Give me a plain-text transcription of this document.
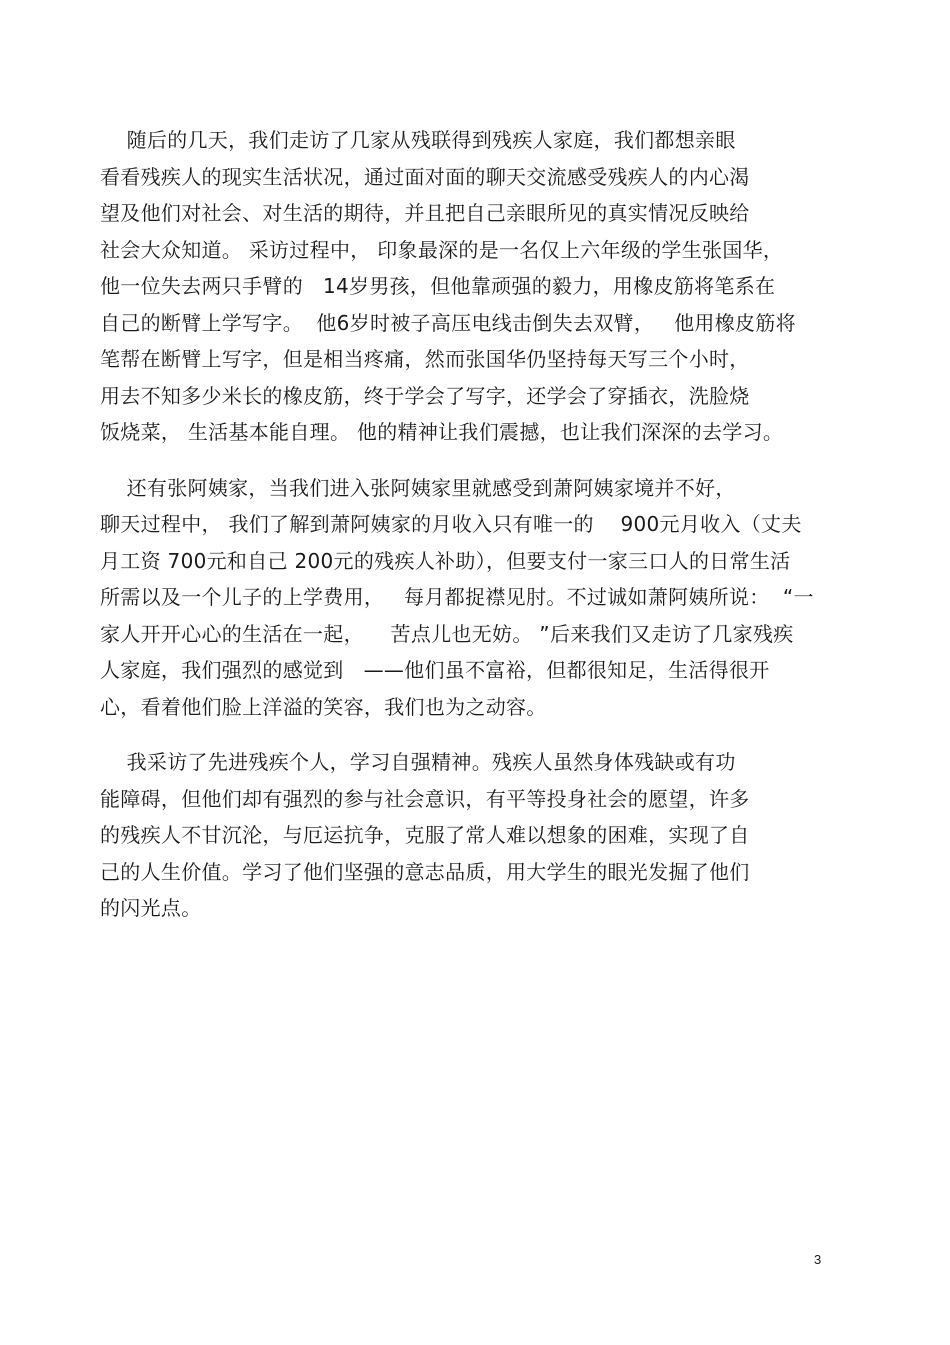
随后的几天，我们走访了几家从残联得到残疾人家庭，我们都想亲眼
看看残疾人的现实生活状况，通过面对面的聊天交流感受残疾人的内心渴
望及他们对社会、对生活的期待，并且把自己亲眼所见的真实情况反映给
社会大众知道。 采访过程中， 印象最深的是一名仅上六年级的学生张国华，
他一位失去两只手臂的   14岁男孩，但他靠顽强的毅力，用橡皮筋将笔系在
自己的断臂上学写字。  他6岁时被子高压电线击倒失去双臂，   他用橡皮筋将
笔帮在断臂上写字，但是相当疼痛，然而张国华仍坚持每天写三个小时，
用去不知多少米长的橡皮筋，终于学会了写字，还学会了穿插衣，洗脸烧
饭烧菜， 生活基本能自理。 他的精神让我们震撼，也让我们深深的去学习。
还有张阿姨家，当我们进入张阿姨家里就感受到萧阿姨家境并不好，
聊天过程中， 我们了解到萧阿姨家的月收入只有唯一的    900元月收入（丈夫
月工资 700元和自己 200元的残疾人补助），但要支付一家三口人的日常生活
所需以及一个儿子的上学费用，   每月都捉襟见肘。不过诚如萧阿姨所说：  “一
家人开开心心的生活在一起，    苦点儿也无妨。 ”后来我们又走访了几家残疾
人家庭，我们强烈的感觉到   ——他们虽不富裕，但都很知足，生活得很开
心，看着他们脸上洋溢的笑容，我们也为之动容。
我采访了先进残疾个人，学习自强精神。残疾人虽然身体残缺或有功
能障碍，但他们却有强烈的参与社会意识，有平等投身社会的愿望，许多
的残疾人不甘沉沦，与厄运抗争，克服了常人难以想象的困难，实现了自
己的人生价值。学习了他们坚强的意志品质，用大学生的眼光发掘了他们
的闪光点。
3
